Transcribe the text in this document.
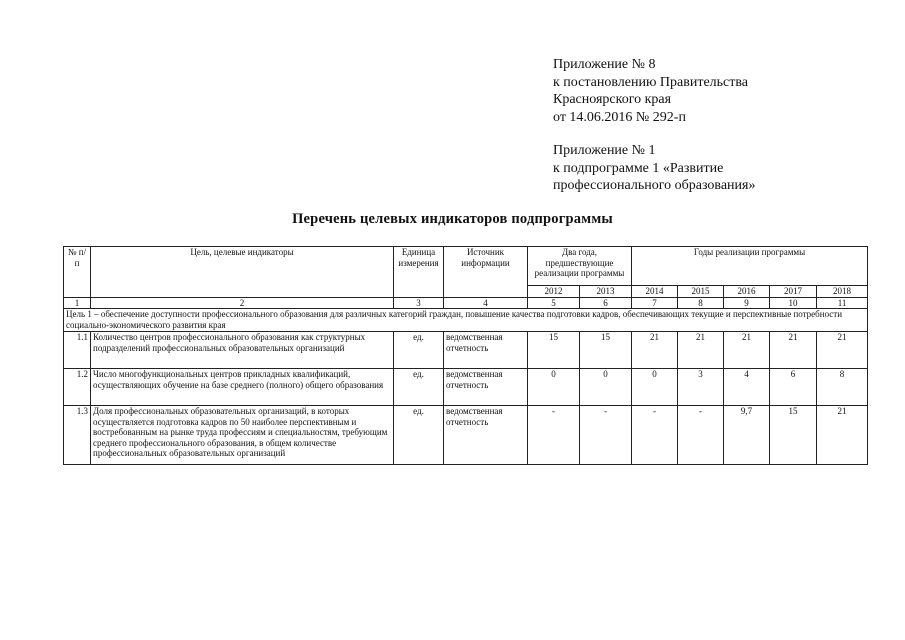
Приложение № 8
к постановлению Правительства
Красноярского края
от 14.06.2016 № 292-п
Приложение № 1
к подпрограмме 1 «Развитие
профессионального образования»
Перечень целевых индикаторов подпрограммы
№ п/п	Цель, целевые индикаторы	Единица измерения	Источник информации	Два года, предшествующие реализации программы		Годы реализации программы				
				2012	2013	2014	2015	2016	2017	2018
1	2	3	4	5	6	7	8	9	10	11
Цель 1 – обеспечение доступности профессионального образования для различных категорий граждан, повышение качества подготовки кадров, обеспечивающих текущие и перспективные потребности социально-экономического развития края										
1.1	Количество центров профессионального образования как структурных подразделений профессиональных образовательных организаций	ед.	ведомственная отчетность	15	15	21	21	21	21	21
1.2	Число многофункциональных центров прикладных квалификаций, осуществляющих обучение на базе среднего (полного) общего образования	ед.	ведомственная отчетность	0	0	0	3	4	6	8
1.3	Доля профессиональных образовательных организаций, в которых осуществляется подготовка кадров по 50 наиболее перспективным и востребованным на рынке труда профессиям и специальностям, требующим среднего профессионального образования, в общем количестве профессиональных образовательных организаций	ед.	ведомственная отчетность	-	-	-	-	9,7	15	21
